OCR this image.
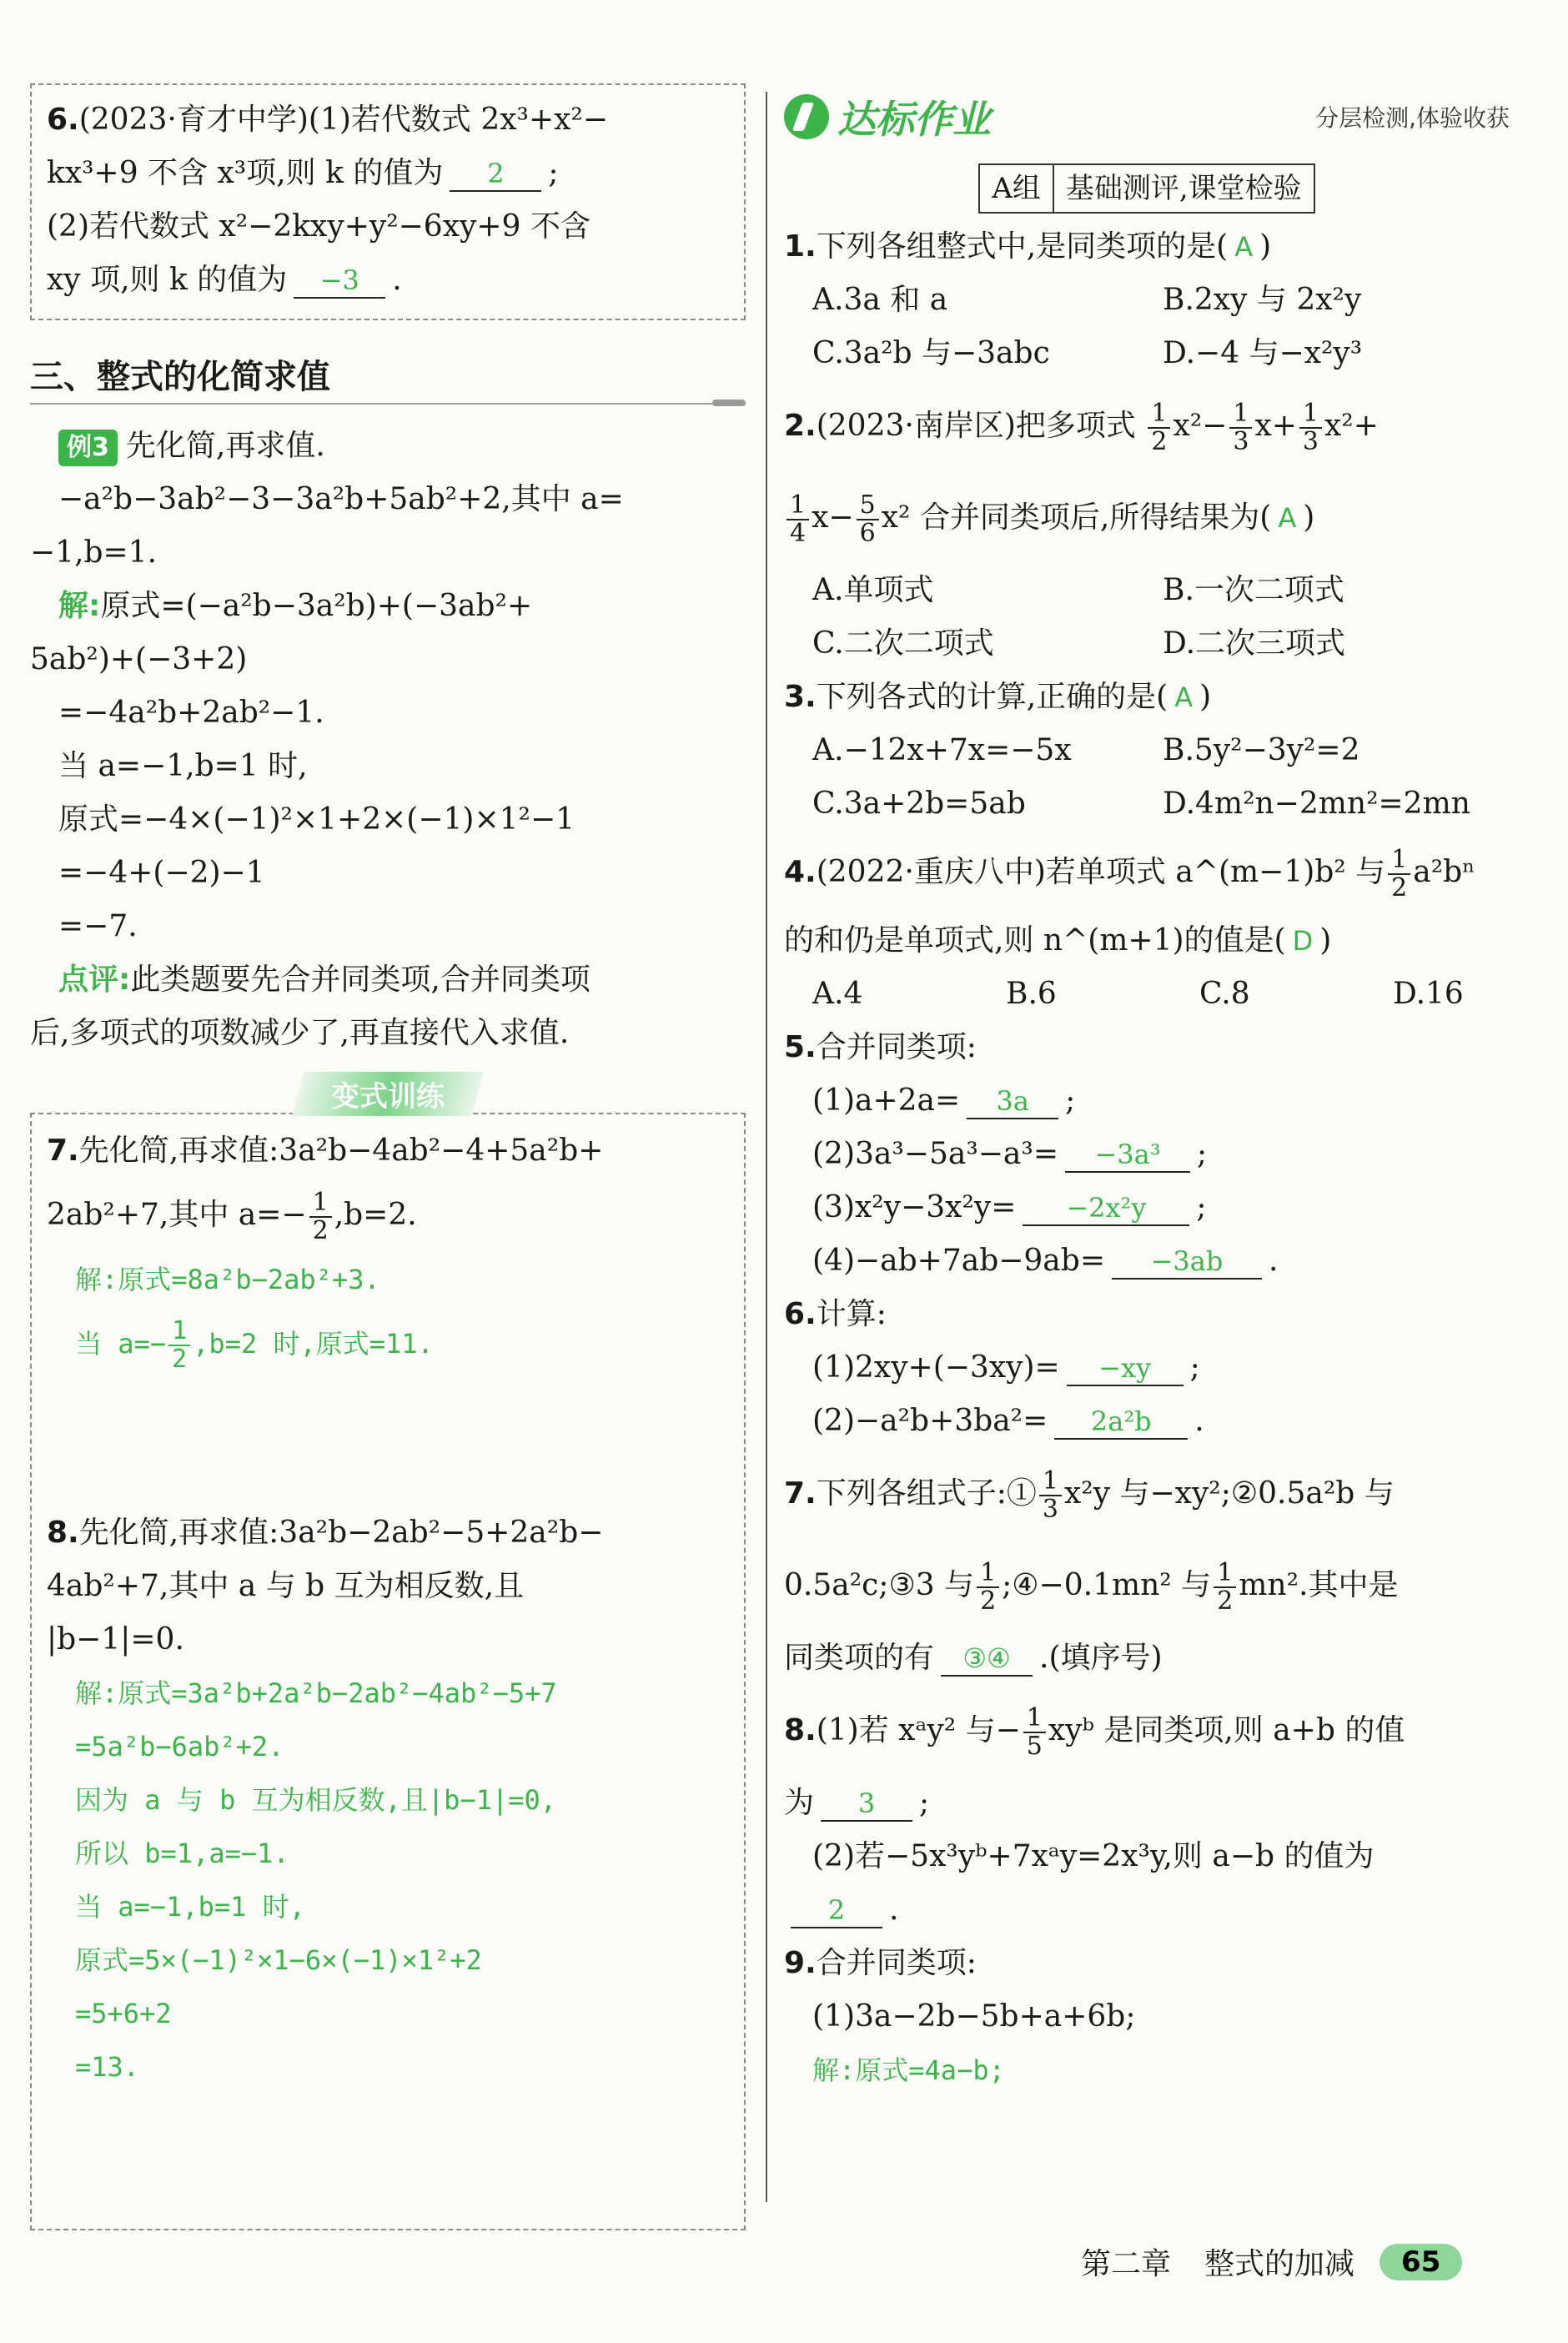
6.(2023·育才中学)(1)若代数式 2x³+x²−
kx³+9 不含 x³项,则 k 的值为 2 ;
(2)若代数式 x²−2kxy+y²−6xy+9 不含
xy 项,则 k 的值为 −3 .
三、整式的化简求值
例3 先化简,再求值.
−a²b−3ab²−3−3a²b+5ab²+2,其中 a=
−1,b=1.
解:原式=(−a²b−3a²b)+(−3ab²+
5ab²)+(−3+2)
=−4a²b+2ab²−1.
当 a=−1,b=1 时,
原式=−4×(−1)²×1+2×(−1)×1²−1
=−4+(−2)−1
=−7.
点评:此类题要先合并同类项,合并同类项
后,多项式的项数减少了,再直接代入求值.
变式训练
7.先化简,再求值:3a²b−4ab²−4+5a²b+
2ab²+7,其中 $a=- \frac{1}{2} ,b=2$.
解:原式=8a²b−2ab²+3.
当 $a=- \frac{1}{2} ,b=2$ 时,原式=11.
8.先化简,再求值:3a²b−2ab²−5+2a²b−
4ab²+7,其中 a 与 b 互为相反数,且
|b−1|=0.
解:原式=3a²b+2a²b−2ab²−4ab²−5+7
=5a²b−6ab²+2.
因为 a 与 b 互为相反数,且|b−1|=0,
所以 b=1,a=−1.
当 a=−1,b=1 时,
原式=5×(−1)²×1−6×(−1)×1²+2
=5+6+2
=13.
达标作业	分层检测,体验收获
A组 基础测评,课堂检验
1.下列各组整式中,是同类项的是( A )
A.3a 和 a	B.2xy 与 2x²y
C.3a²b 与−3abc	D.−4 与−x²y³
2.(2023·南岸区)把多项式 $\frac{1}{2} x^2- \frac{1}{3} x+ \frac{1}{3} x^2+$
$\frac{1}{4} x- \frac{5}{6} x^2$ 合并同类项后,所得结果为( A )
A.单项式	B.一次二项式
C.二次二项式	D.二次三项式
3.下列各式的计算,正确的是( A )
A.−12x+7x=−5x	B.5y²−3y²=2
C.3a+2b=5ab	D.4m²n−2mn²=2mn
4.(2022·重庆八中)若单项式 a^(m−1)b² 与 $\frac{1}{2} a^2b^n$
的和仍是单项式,则 n^(m+1)的值是( D )
A.4	B.6	C.8	D.16
5.合并同类项:
(1)a+2a= 3a ;
(2)3a³−5a³−a³= −3a³ ;
(3)x²y−3x²y= −2x²y ;
(4)−ab+7ab−9ab= −3ab .
6.计算:
(1)2xy+(−3xy)= −xy ;
(2)−a²b+3ba²= 2a²b .
7.下列各组式子:① $\frac{1}{3} x^2y$ 与−xy²;②0.5a²b 与
0.5a²c;③3 与 $\frac{1}{2}$ ;④−0.1mn² 与 $\frac{1}{2} mn^2$.其中是
同类项的有 ③④ .(填序号)
8.(1)若 xᵃy² 与− $\frac{1}{5}$ xyᵇ 是同类项,则 a+b 的值
为 3 ;
(2)若−5x³yᵇ+7xᵃy=2x³y,则 a−b 的值为
2 .
9.合并同类项:
(1)3a−2b−5b+a+6b;
解:原式=4a−b;
第二章 整式的加减	65
